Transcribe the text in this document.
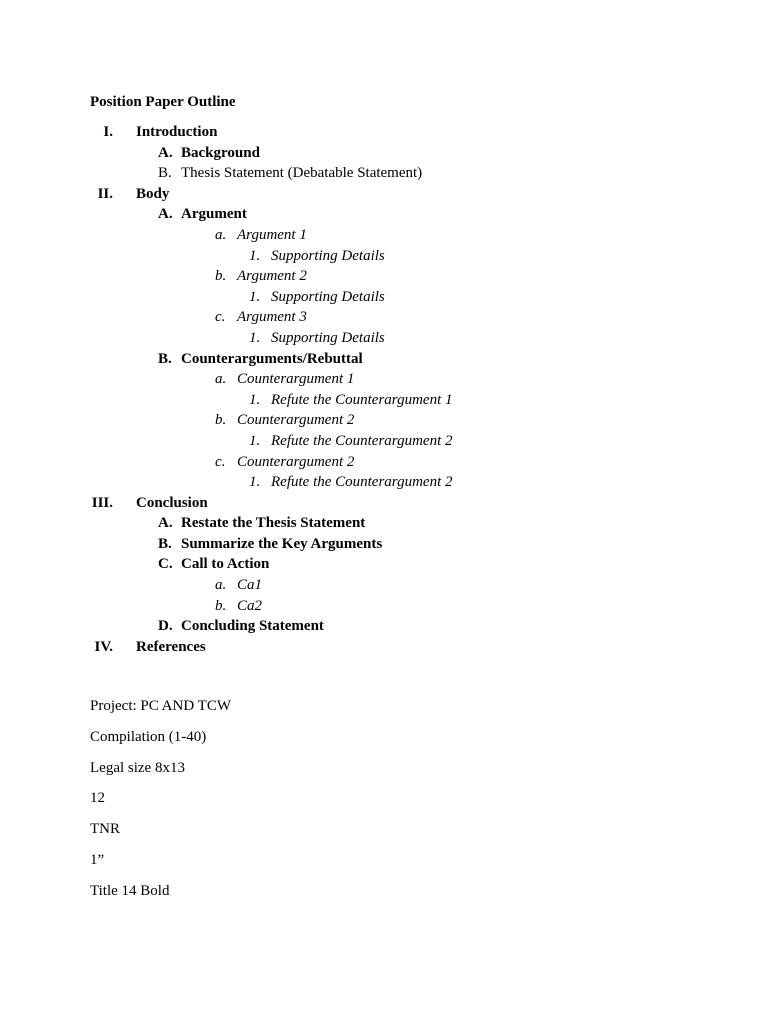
Position Paper Outline
I. Introduction
A. Background
B. Thesis Statement (Debatable Statement)
II. Body
A. Argument
a. Argument 1
1. Supporting Details
b. Argument 2
1. Supporting Details
c. Argument 3
1. Supporting Details
B. Counterarguments/Rebuttal
a. Counterargument 1
1. Refute the Counterargument 1
b. Counterargument 2
1. Refute the Counterargument 2
c. Counterargument 2
1. Refute the Counterargument 2
III. Conclusion
A. Restate the Thesis Statement
B. Summarize the Key Arguments
C. Call to Action
a. Ca1
b. Ca2
D. Concluding Statement
IV. References
Project: PC AND TCW
Compilation (1-40)
Legal size 8x13
12
TNR
1”
Title 14 Bold
